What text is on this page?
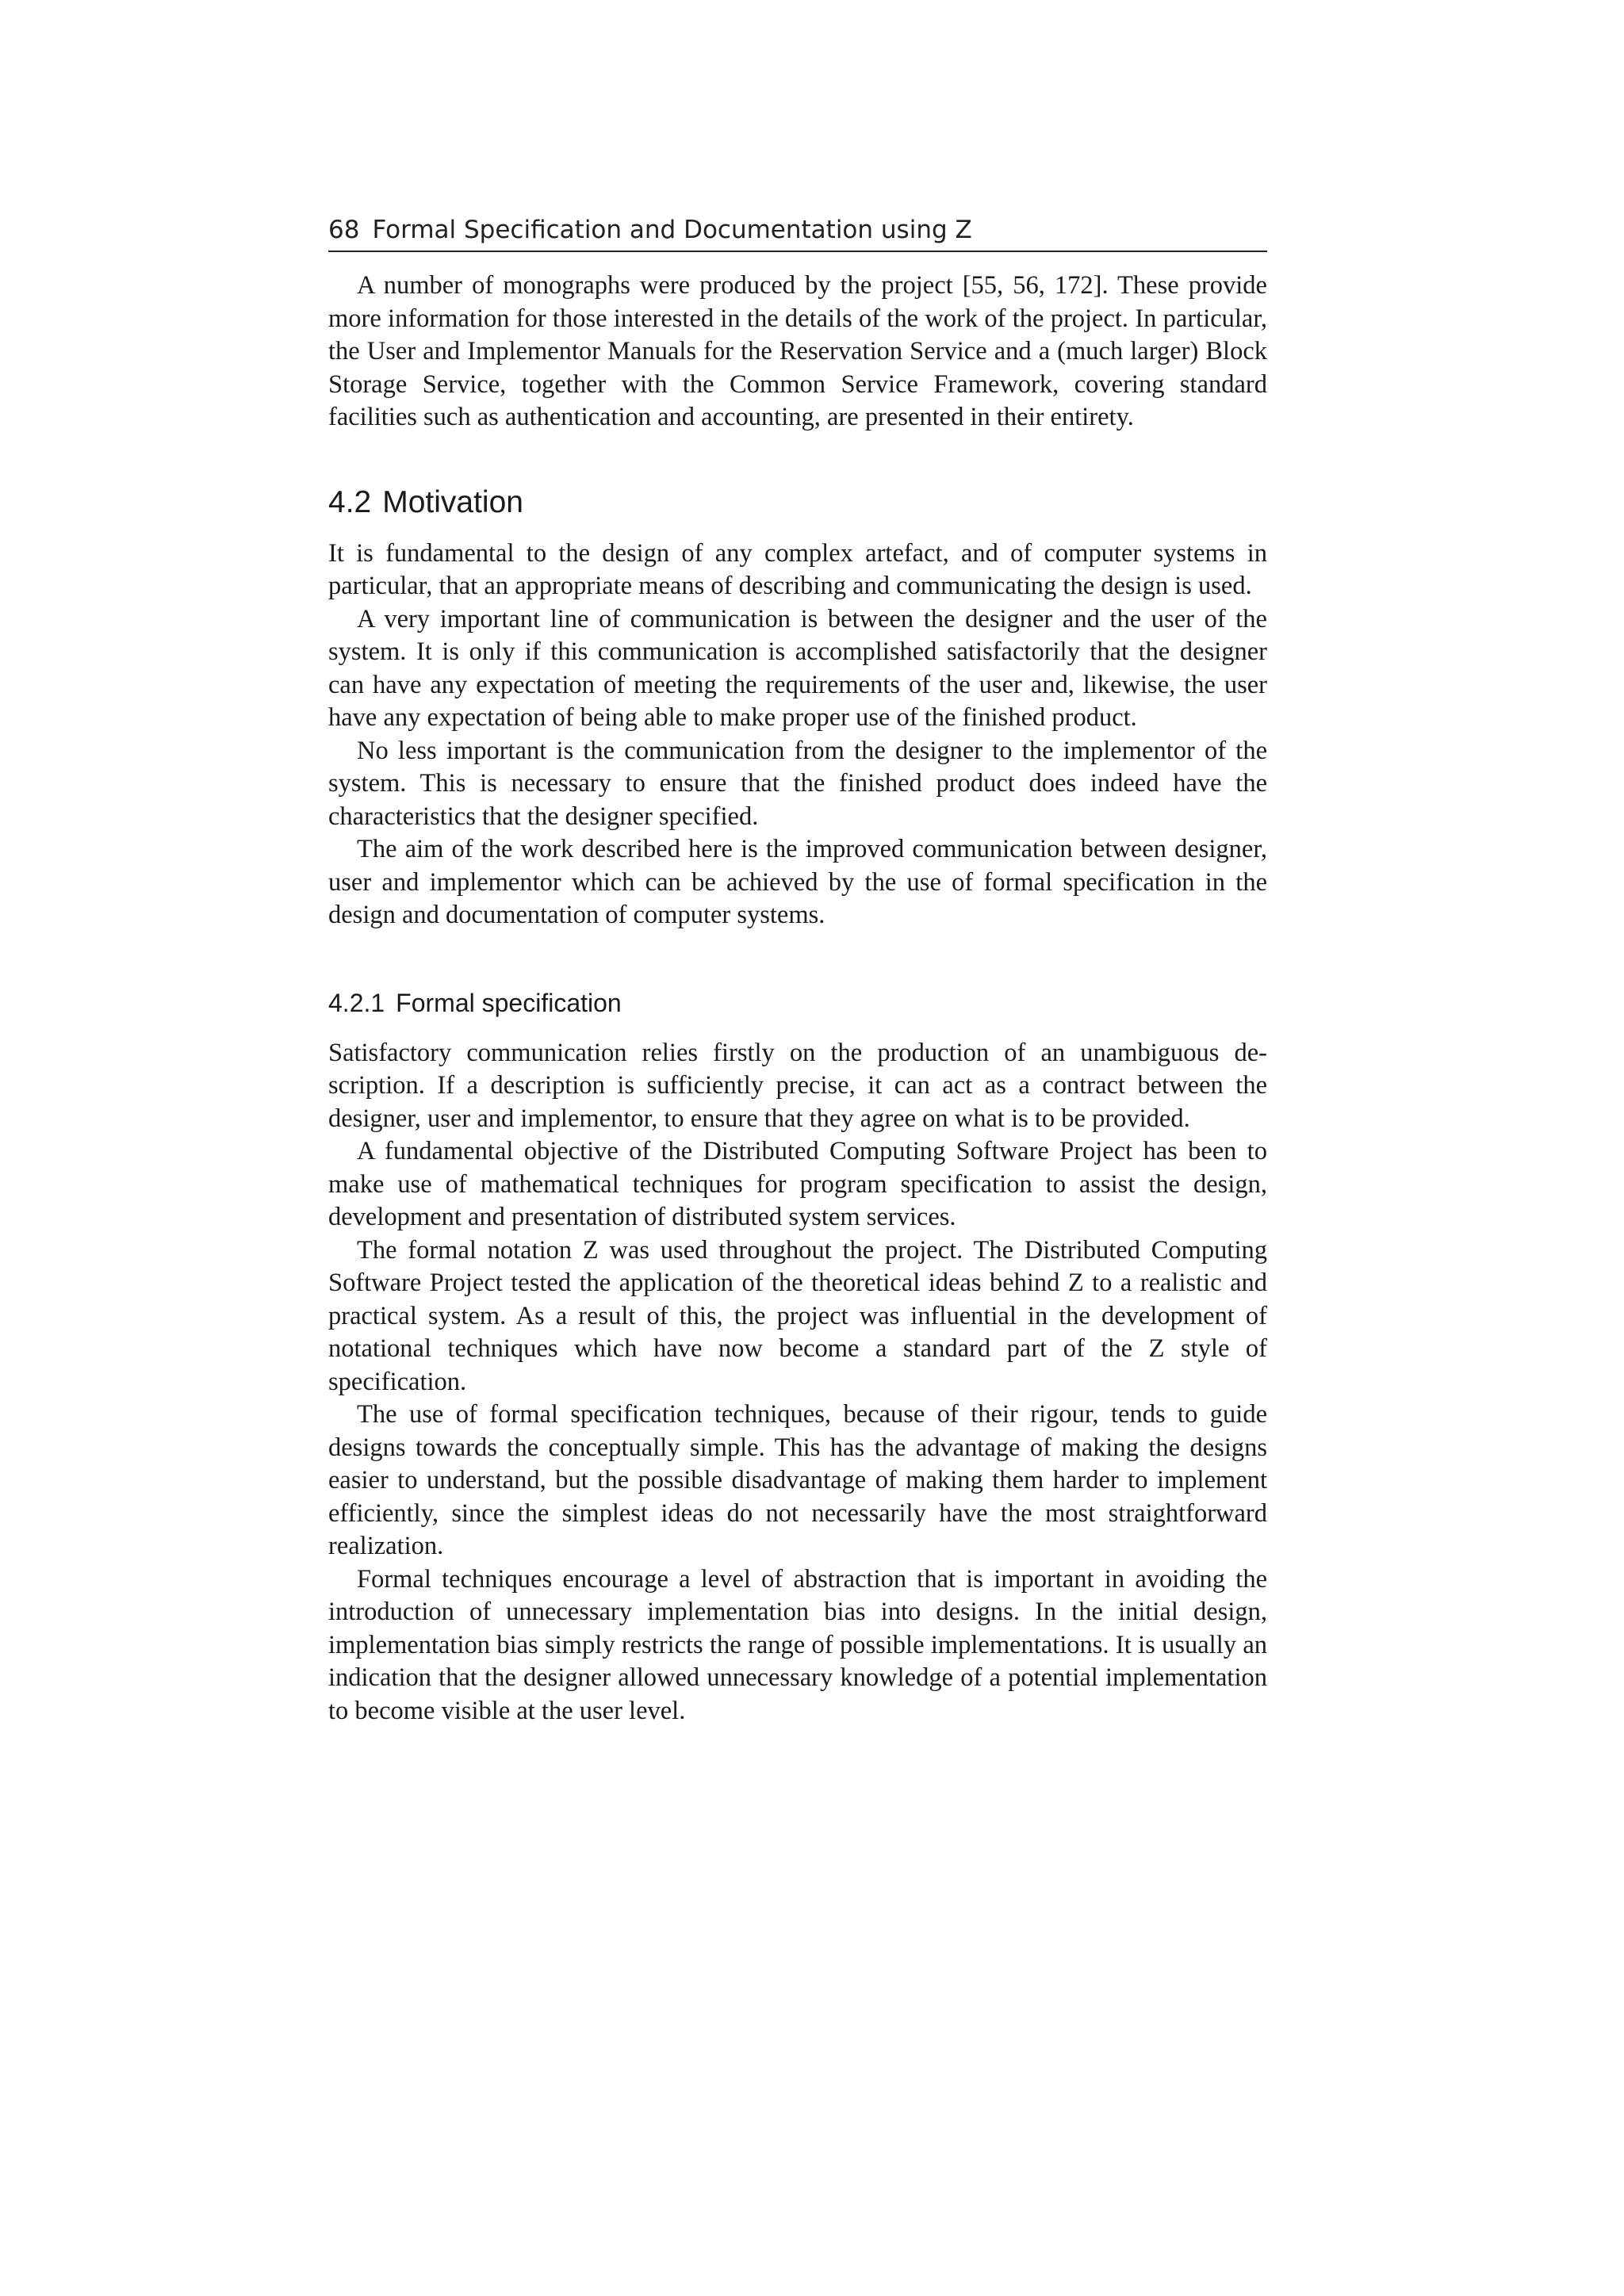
68 Formal Specification and Documentation using Z

A number of monographs were produced by the project [55, 56, 172]. These provide more information for those interested in the details of the work of the project. In particular, the User and Implementor Manuals for the Reservation Service and a (much larger) Block Storage Service, together with the Common Service Framework, covering standard facilities such as authentication and accounting, are presented in their entirety.

4.2 Motivation

It is fundamental to the design of any complex artefact, and of computer systems in particular, that an appropriate means of describing and communicating the design is used.

A very important line of communication is between the designer and the user of the system. It is only if this communication is accomplished satisfactorily that the designer can have any expectation of meeting the requirements of the user and, likewise, the user have any expectation of being able to make proper use of the finished product.

No less important is the communication from the designer to the implementor of the system. This is necessary to ensure that the finished product does indeed have the characteristics that the designer specified.

The aim of the work described here is the improved communication between designer, user and implementor which can be achieved by the use of formal specification in the design and documentation of computer systems.

4.2.1 Formal specification

Satisfactory communication relies firstly on the production of an unambiguous description. If a description is sufficiently precise, it can act as a contract between the designer, user and implementor, to ensure that they agree on what is to be provided.

A fundamental objective of the Distributed Computing Software Project has been to make use of mathematical techniques for program specification to assist the design, development and presentation of distributed system services.

The formal notation Z was used throughout the project. The Distributed Computing Software Project tested the application of the theoretical ideas behind Z to a realistic and practical system. As a result of this, the project was influential in the development of notational techniques which have now become a standard part of the Z style of specification.

The use of formal specification techniques, because of their rigour, tends to guide designs towards the conceptually simple. This has the advantage of making the designs easier to understand, but the possible disadvantage of making them harder to implement efficiently, since the simplest ideas do not necessarily have the most straightforward realization.

Formal techniques encourage a level of abstraction that is important in avoiding the introduction of unnecessary implementation bias into designs. In the initial design, implementation bias simply restricts the range of possible implementations. It is usually an indication that the designer allowed unnecessary knowledge of a potential implementation to become visible at the user level.
